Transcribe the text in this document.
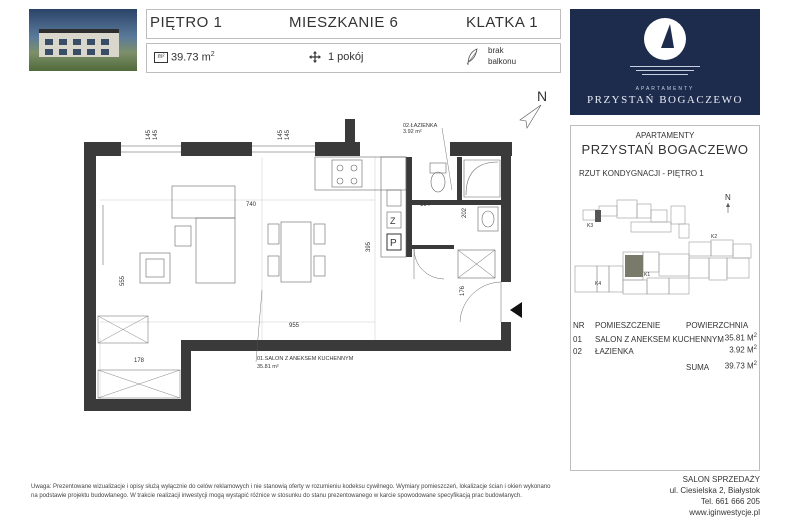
PIĘTRO 1	MIESZKANIE 6	KLATKA 1
m² 39.73 $m^2$	1 pokój
brak
balkonu
APARTAMENTY
PRZYSTAŃ BOGACZEWO
N
Z
P
145 145	145 145
740	194
202
395
555
955
176
178	01.SALON Z ANEKSEM KUCHENNYM
35.81 m²
02.ŁAZIENKA
3.92 m²	APARTAMENTY
PRZYSTAŃ BOGACZEWO
RZUT KONDYGNACJI - PIĘTRO 1
N
K1
K2
K3
K4
NR POMIESZCZENIE	POWIERZCHNIA
01 SALON Z ANEKSEM KUCHENNYM 35.81 $M^2$
02 ŁAZIENKA	3.92 $M^2$
SUMA 39.73 $M^2$
Uwaga: Prezentowane wizualizacje i opisy służą wyłącznie do celów reklamowych i nie stanowią oferty w rozumieniu kodeksu cywilnego. Wymiary pomieszczeń, lokalizacje ścian i okien wykonano
na podstawie projektu budowlanego. W trakcie realizacji inwestycji mogą wystąpić różnice w stosunku do stanu prezentowanego w karcie spowodowane specyfikacją prac budowlanych.
SALON SPRZEDAŻY
ul. Ciesielska 2, Białystok
Tel. 661 666 205
www.iginwestycje.pl
